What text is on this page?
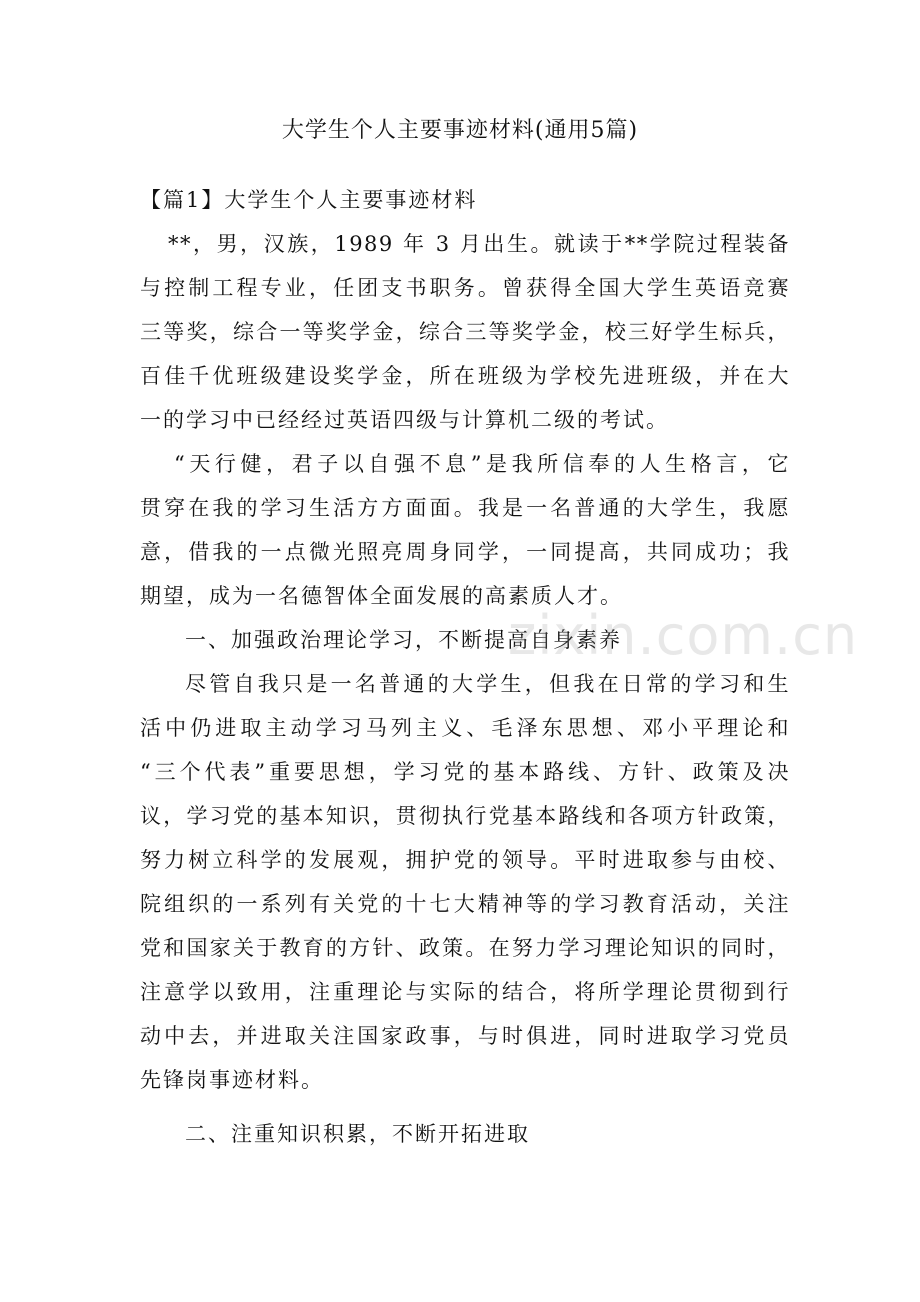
大学生个人主要事迹材料(通用5篇)

【篇1】大学生个人主要事迹材料

**，男，汉族，1989 年 3 月出生。就读于**学院过程装备

与控制工程专业，任团支书职务。曾获得全国大学生英语竞赛

三等奖，综合一等奖学金，综合三等奖学金，校三好学生标兵，

百佳千优班级建设奖学金，所在班级为学校先进班级，并在大

一的学习中已经经过英语四级与计算机二级的考试。

“天行健，君子以自强不息”是我所信奉的人生格言，它

贯穿在我的学习生活方方面面。我是一名普通的大学生，我愿

意，借我的一点微光照亮周身同学，一同提高，共同成功；我

期望，成为一名德智体全面发展的高素质人才。

一、加强政治理论学习，不断提高自身素养

尽管自我只是一名普通的大学生，但我在日常的学习和生

活中仍进取主动学习马列主义、毛泽东思想、邓小平理论和

“三个代表”重要思想，学习党的基本路线、方针、政策及决

议，学习党的基本知识，贯彻执行党基本路线和各项方针政策，

努力树立科学的发展观，拥护党的领导。平时进取参与由校、

院组织的一系列有关党的十七大精神等的学习教育活动，关注

党和国家关于教育的方针、政策。在努力学习理论知识的同时，

注意学以致用，注重理论与实际的结合，将所学理论贯彻到行

动中去，并进取关注国家政事，与时俱进，同时进取学习党员

先锋岗事迹材料。

二、注重知识积累，不断开拓进取

zixin.com.cn
